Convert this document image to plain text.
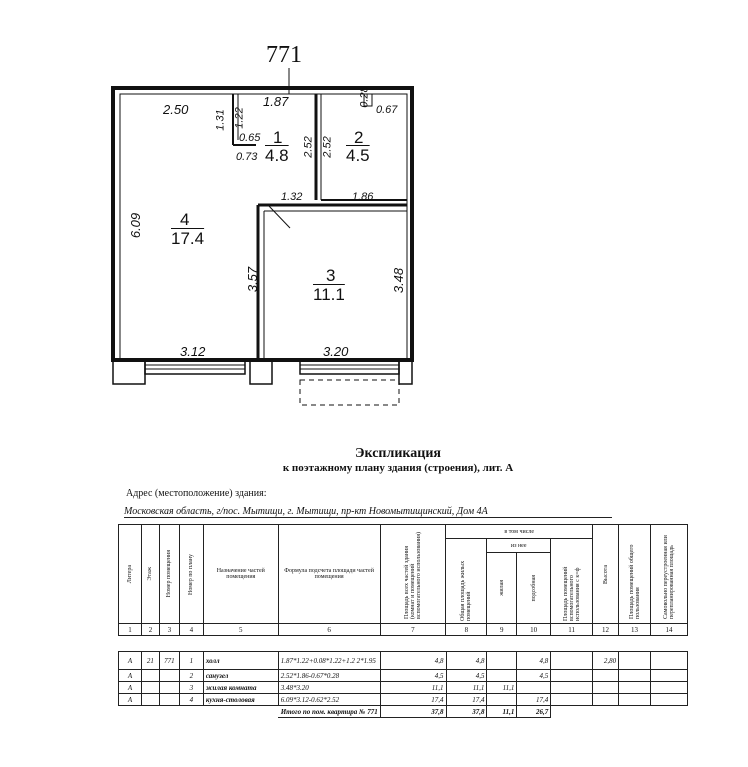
771
2.50
1.87	0.28
0.67
1.31 1.22
0.65
0.73	2.52 2.52
1.32	1.86
6.09
3.57	3.48
3.12	3.20
1
4.8
2
4.5
4
17.4
3
11.1
Экспликация
к поэтажному плану здания (строения), лит. А
Адрес (местоположение) здания:
Московская область, г/пос. Мытищи, г. Мытищи, пр-кт Новомытищинский, Дом 4А
Литера	Этаж	Номер помещения	Номер по плану	Назначение частей помещения	Формула подсчета площади частей помещения	Площадь всех частей здания (комнат и помещений вспомогательного использования)	в том числе				Высота	Площадь помещений общего пользования	Самовольно переустроенная или перепланированная площадь

							Общая площадь жилых помещений	из нее		Площадь помещений вспомогательного использования с к=ф			

								жилая	подсобная				

1	2	3	4	5	6	7	8	9	10	11	12	13	14
А	21	771	1	холл	1.87*1.22+0.08*1.22+1.2 2*1.95	4,8	4,8		4,8		2,80		
А			2	санузел	2.52*1.86-0.67*0.28	4,5	4,5		4,5				
А			3	жилая комната	3.48*3.20	11,1	11,1	11,1					
А			4	кухня-столовая	6.09*3.12-0.62*2.52	17,4	17,4		17,4				
					Итого по пом. квартира № 771	37,8	37,8	11,1	26,7				
